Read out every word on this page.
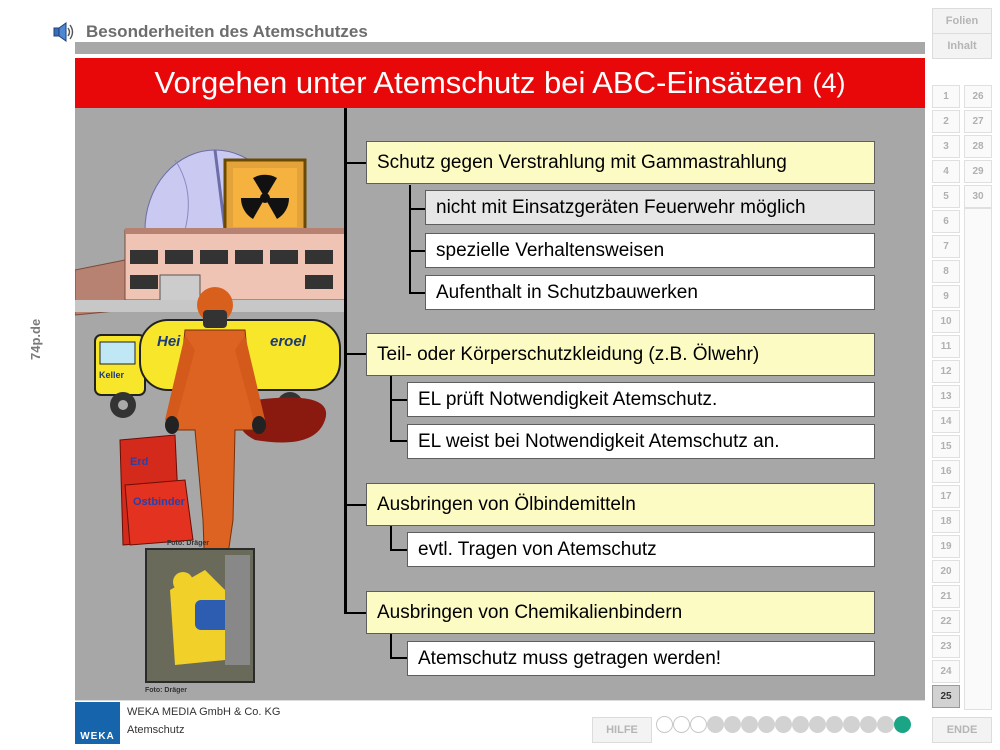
Besonderheiten des Atemschutzes
Vorgehen unter Atemschutz bei ABC-Einsätzen (4)
74p.de	Hei	eroel
Keller
Erd
Ostbinder
Foto: Dräger
Foto: Dräger
Schutz gegen Verstrahlung mit Gammastrahlung
nicht mit Einsatzgeräten Feuerwehr möglich
spezielle Verhaltensweisen
Aufenthalt in Schutzbauwerken
Teil- oder Körperschutzkleidung (z.B. Ölwehr)
EL prüft Notwendigkeit Atemschutz.
EL weist bei Notwendigkeit Atemschutz an.
Ausbringen von Ölbindemitteln
evtl. Tragen von Atemschutz
Ausbringen von Chemikalienbindern
Atemschutz muss getragen werden!
Folien
Inhalt
1
2
3
4
5
6
7
8
9
10
11
12
13
14
15
16
17
18
19
20
21
22
23
24
26
27
28
29
30
25
ENDE
HILFE
WEKA
WEKA MEDIA GmbH & Co. KG
Atemschutz
